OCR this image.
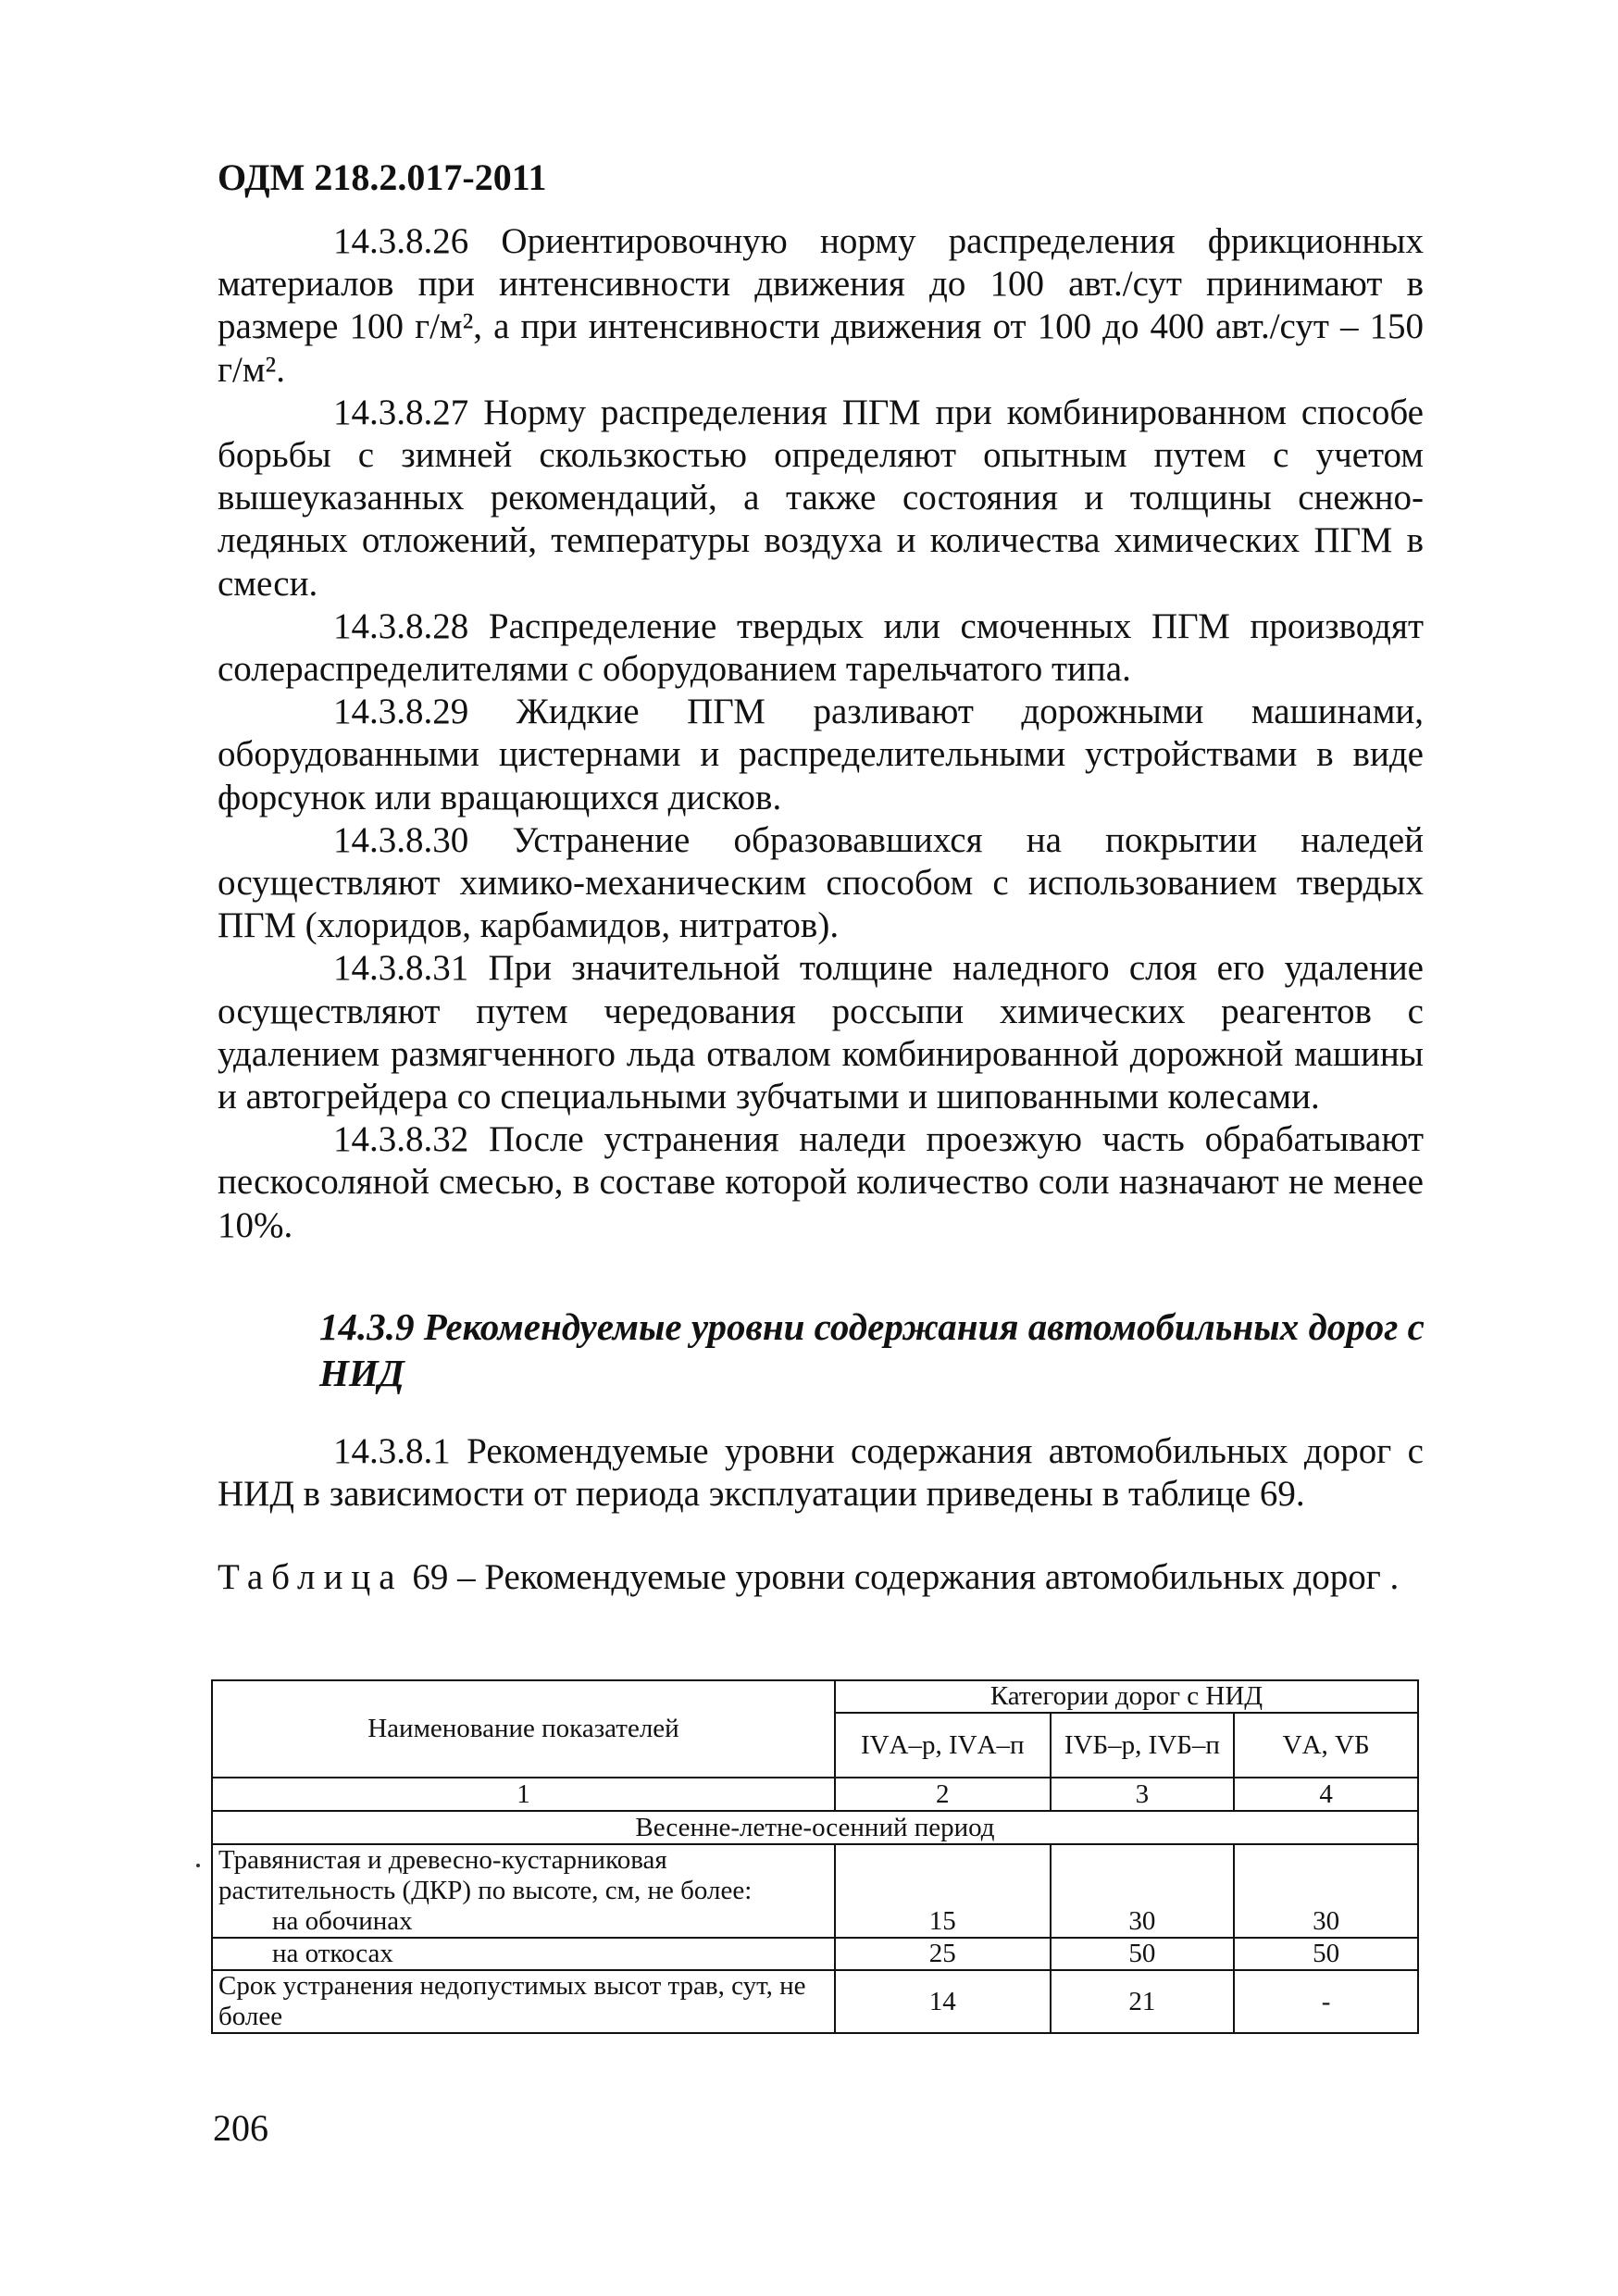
ОДМ 218.2.017-2011

14.3.8.26 Ориентировочную норму распределения фрикционных материалов при интенсивности движения до 100 авт./сут принимают в размере 100 г/м², а при интенсивности движения от 100 до 400 авт./сут – 150 г/м².

14.3.8.27 Норму распределения ПГМ при комбинированном способе борьбы с зимней скользкостью определяют опытным путем с учетом вышеуказанных рекомендаций, а также состояния и толщины снежно-ледяных отложений, температуры воздуха и количества химических ПГМ в смеси.

14.3.8.28 Распределение твердых или смоченных ПГМ производят солераспределителями с оборудованием тарельчатого типа.

14.3.8.29 Жидкие ПГМ разливают дорожными машинами, оборудованными цистернами и распределительными устройствами в виде форсунок или вращающихся дисков.

14.3.8.30 Устранение образовавшихся на покрытии наледей осуществляют химико-механическим способом с использованием твердых ПГМ (хлоридов, карбамидов, нитратов).

14.3.8.31 При значительной толщине наледного слоя его удаление осуществляют путем чередования россыпи химических реагентов с удалением размягченного льда отвалом комбинированной дорожной машины и автогрейдера со специальными зубчатыми и шипованными колесами.

14.3.8.32 После устранения наледи проезжую часть обрабатывают пескосоляной смесью, в составе которой количество соли назначают не менее 10%.

14.3.9 Рекомендуемые уровни содержания автомобильных дорог с НИД

14.3.8.1 Рекомендуемые уровни содержания автомобильных дорог с НИД в зависимости от периода эксплуатации приведены в таблице 69.

Таблица 69 – Рекомендуемые уровни содержания автомобильных дорог .

Наименование показателей	Категории дорог с НИД		
	IVА–р, IVА–п	IVБ–р, IVБ–п	VА, VБ
1	2	3	4
Весенне-летне-осенний период			
Травянистая и древесно-кустарниковая растительность (ДКР) по высоте, см, не более:
на обочинах	15	30	30

на откосах	25	50	50
Срок устранения недопустимых высот трав, сут, не более	14	21	-
206
